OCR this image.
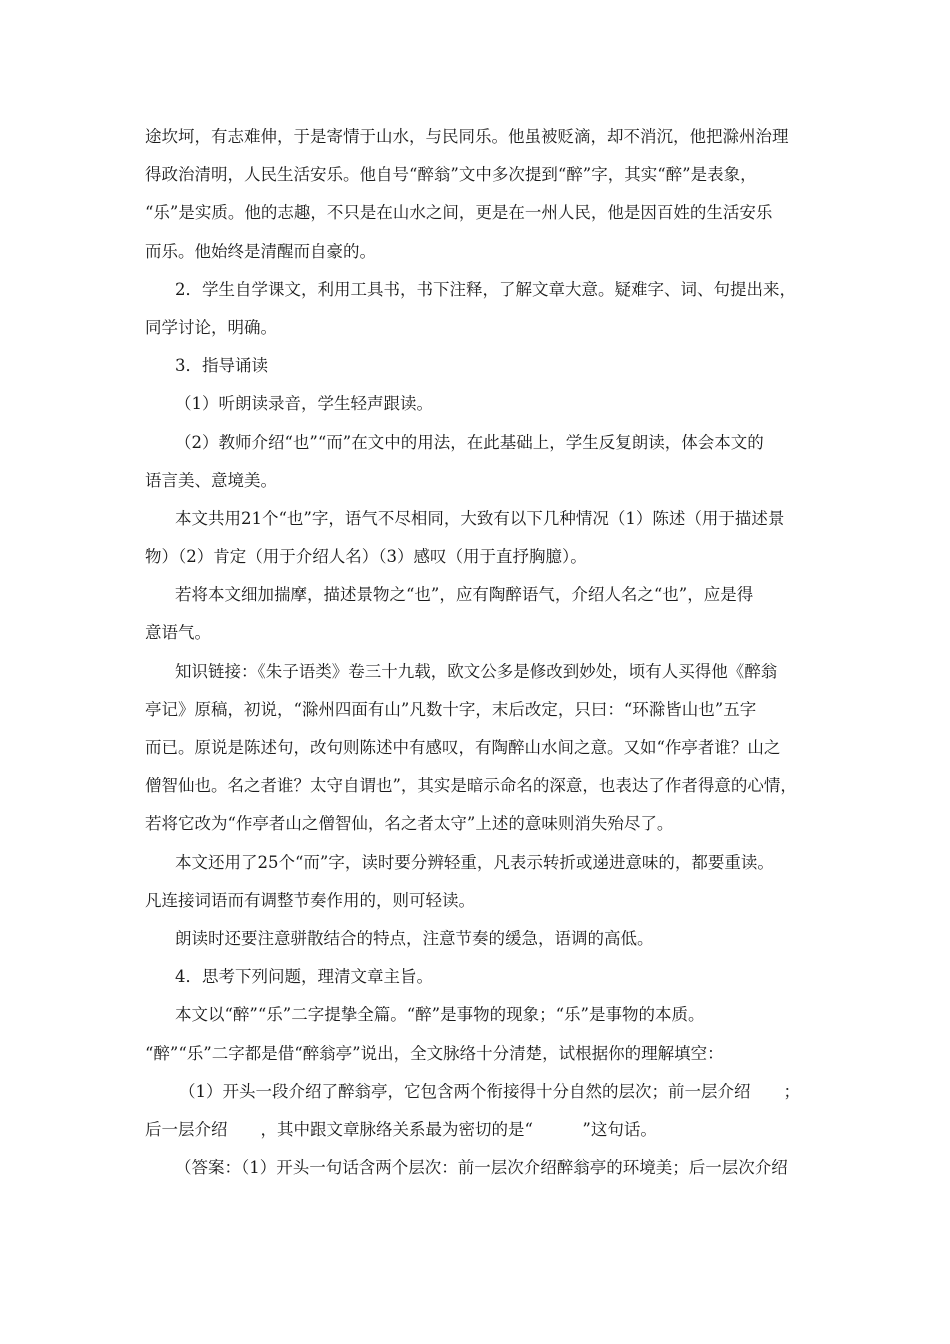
途坎坷，有志难伸，于是寄情于山水，与民同乐。他虽被贬滴，却不消沉，他把滁州治理
得政治清明，人民生活安乐。他自号“醉翁”文中多次提到“醉”字，其实“醉”是表象，
“乐”是实质。他的志趣，不只是在山水之间，更是在一州人民，他是因百姓的生活安乐
而乐。他始终是清醒而自豪的。
2．学生自学课文，利用工具书，书下注释，了解文章大意。疑难字、词、句提出来，
同学讨论，明确。
3．指导诵读
（1）听朗读录音，学生轻声跟读。
（2）教师介绍“也”“而”在文中的用法，在此基础上，学生反复朗读，体会本文的
语言美、意境美。
本文共用21个“也”字，语气不尽相同，大致有以下几种情况（1）陈述（用于描述景
物）（2）肯定（用于介绍人名）（3）感叹（用于直抒胸臆）。
若将本文细加揣摩，描述景物之“也”，应有陶醉语气，介绍人名之“也”，应是得
意语气。
知识链接：《朱子语类》卷三十九载，欧文公多是修改到妙处，顷有人买得他《醉翁
亭记》原稿，初说，“滁州四面有山”凡数十字，末后改定，只曰：“环滁皆山也”五字
而已。原说是陈述句，改句则陈述中有感叹，有陶醉山水间之意。又如“作亭者谁？山之
僧智仙也。名之者谁？太守自谓也”，其实是暗示命名的深意，也表达了作者得意的心情，
若将它改为“作亭者山之僧智仙，名之者太守”上述的意味则消失殆尽了。
本文还用了25个“而”字，读时要分辨轻重，凡表示转折或递进意味的，都要重读。
凡连接词语而有调整节奏作用的，则可轻读。
朗读时还要注意骈散结合的特点，注意节奏的缓急，语调的高低。
4．思考下列问题，理清文章主旨。
本文以“醉”“乐”二字提挚全篇。“醉”是事物的现象；“乐”是事物的本质。
“醉”“乐”二字都是借“醉翁亭”说出，全文脉络十分清楚，试根据你的理解填空：
（1）开头一段介绍了醉翁亭，它包含两个衔接得十分自然的层次；前一层介绍　　；
后一层介绍　　，其中跟文章脉络关系最为密切的是“　　　”这句话。
（答案：（1）开头一句话含两个层次：前一层次介绍醉翁亭的环境美；后一层次介绍
